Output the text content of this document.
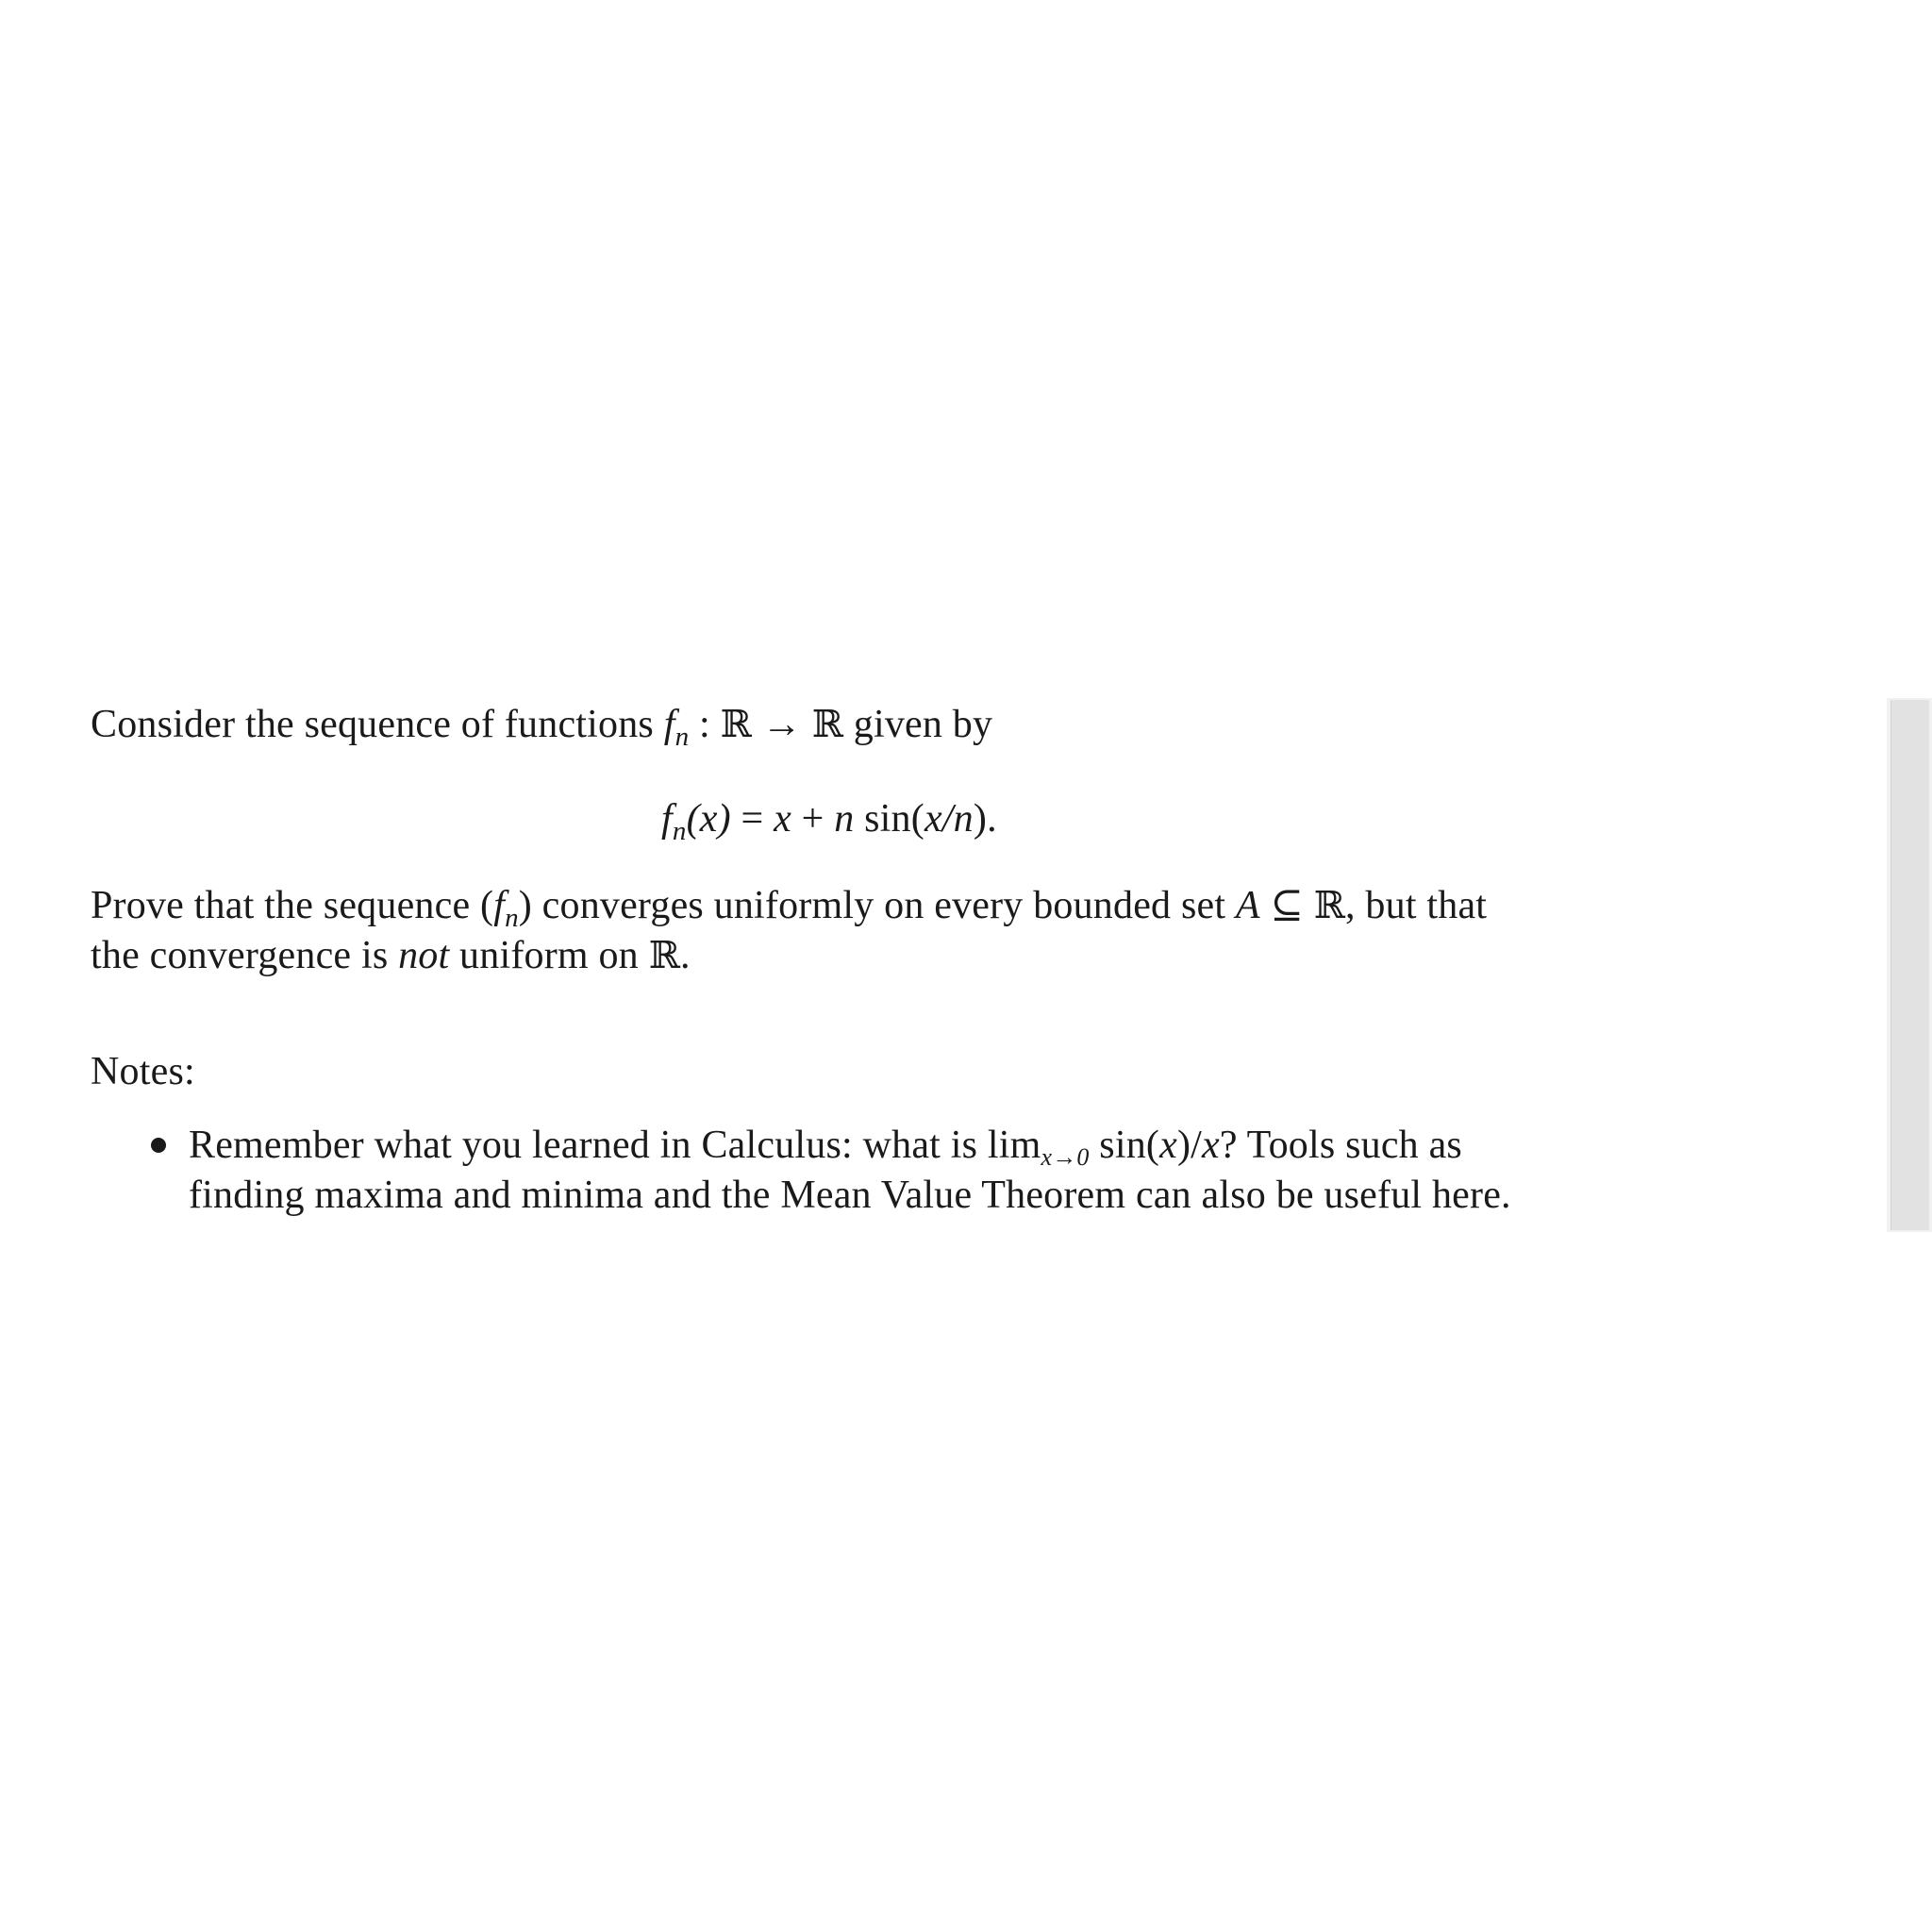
Consider the sequence of functions $f_n$ : ℝ → ℝ given by
$f_n(x) = x + n$ sin(x/n).
Prove that the sequence $(f_n)$ converges uniformly on every bounded set A ⊆ ℝ, but that
the convergence is not uniform on ℝ.
Notes:
Remember what you learned in Calculus: what is limx→0 sin(x)/x? Tools such as
finding maxima and minima and the Mean Value Theorem can also be useful here.
